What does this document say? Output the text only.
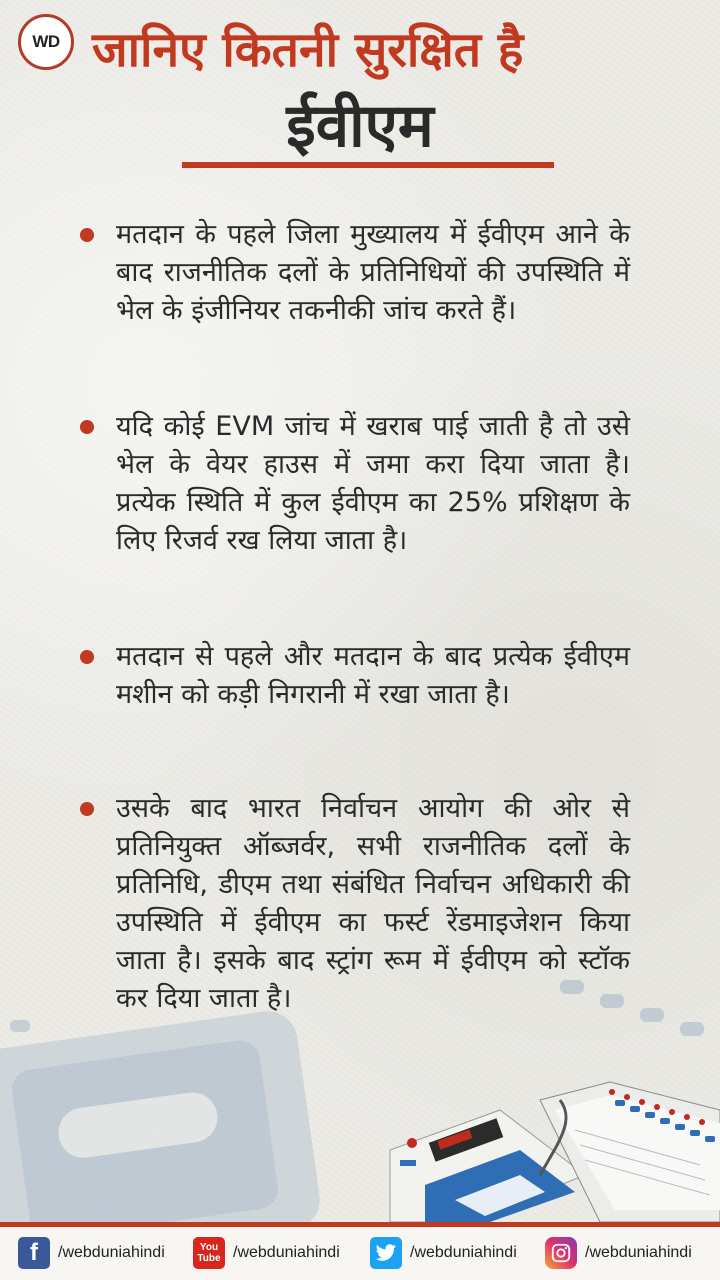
WD जानिए कितनी सुरक्षित है
ईवीएम
मतदान के पहले जिला मुख्यालय में ईवीएम आने के बाद राजनीतिक दलों के प्रतिनिधियों की उपस्थिति में भेल के इंजीनियर तकनीकी जांच करते हैं।
यदि कोई EVM जांच में खराब पाई जाती है तो उसे भेल के वेयर हाउस में जमा करा दिया जाता है। प्रत्येक स्थिति में कुल ईवीएम का 25% प्रशिक्षण के लिए रिजर्व रख लिया जाता है।
मतदान से पहले और मतदान के बाद प्रत्येक ईवीएम मशीन को कड़ी निगरानी में रखा जाता है।
उसके बाद भारत निर्वाचन आयोग की ओर से प्रतिनियुक्त ऑब्जर्वर, सभी राजनीतिक दलों के प्रतिनिधि, डीएम तथा संबंधित निर्वाचन अधिकारी की उपस्थिति में ईवीएम का फर्स्ट रेंडमाइजेशन किया जाता है। इसके बाद स्ट्रांग रूम में ईवीएम को स्टॉक कर दिया जाता है।
f	/webduniahindi	You
Tube /webduniahindi	/webduniahindi	/webduniahindi
